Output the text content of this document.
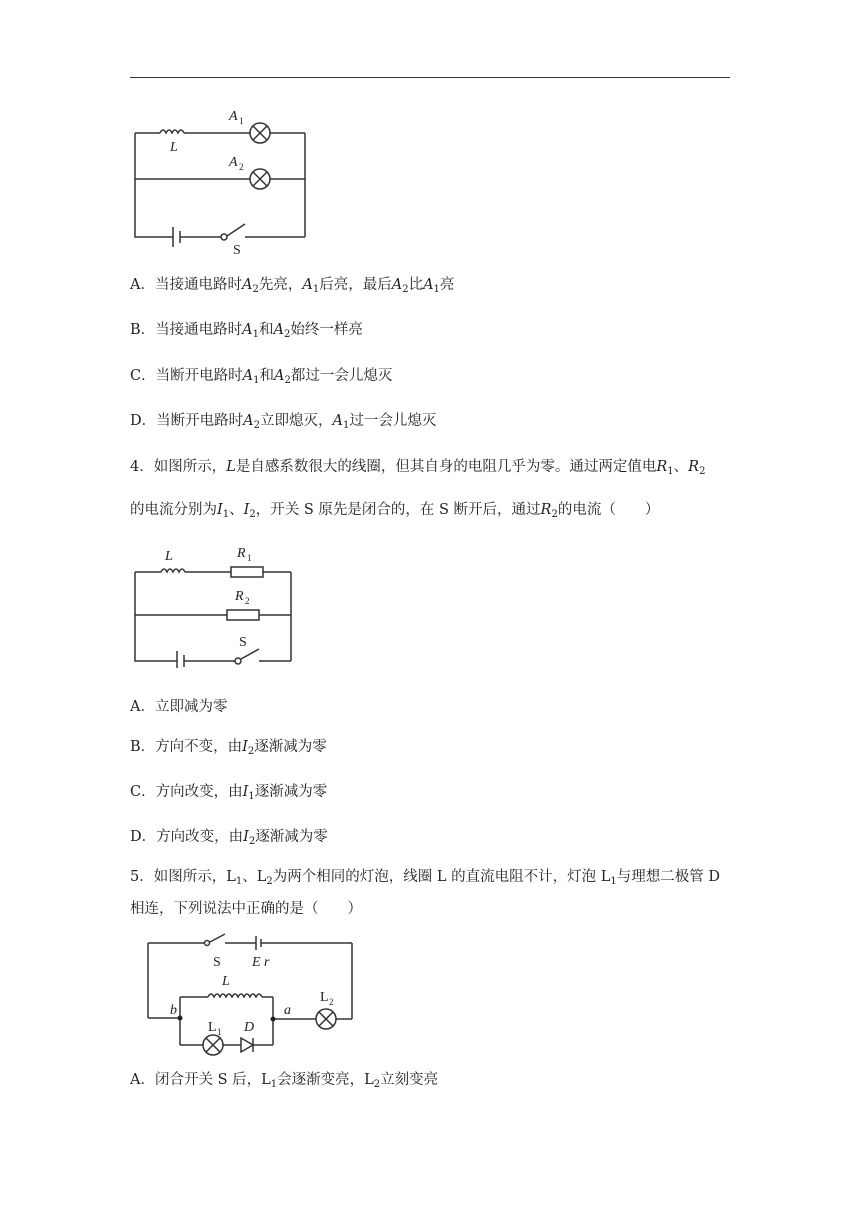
L
A 1
A 2
S
A．当接通电路时$A_2$先亮，$A_1$后亮，最后$A_2$比$A_1$亮
B．当接通电路时$A_1$和$A_2$始终一样亮
C．当断开电路时$A_1$和$A_2$都过一会儿熄灭
D．当断开电路时$A_2$立即熄灭，$A_1$过一会儿熄灭
4．如图所示，L是自感系数很大的线圈，但其自身的电阻几乎为零。通过两定值电$R_1$、$R_2$
的电流分别为$I_1$、$I_2$，开关 S 原先是闭合的，在 S 断开后，通过$R_2$的电流（　　）
L	R 1
R 2
S
A．立即减为零
B．方向不变，由$I_2$逐渐减为零
C．方向改变，由$I_1$逐渐减为零
D．方向改变，由$I_2$逐渐减为零
5．如图所示，$L_1$、$L_2$为两个相同的灯泡，线圈 L 的直流电阻不计，灯泡 $L_1$与理想二极管 D
相连，下列说法中正确的是（　　）
S E r
L
b	a
L 2
L 1 D
A．闭合开关 S 后，$L_1$会逐渐变亮，$L_2$立刻变亮
